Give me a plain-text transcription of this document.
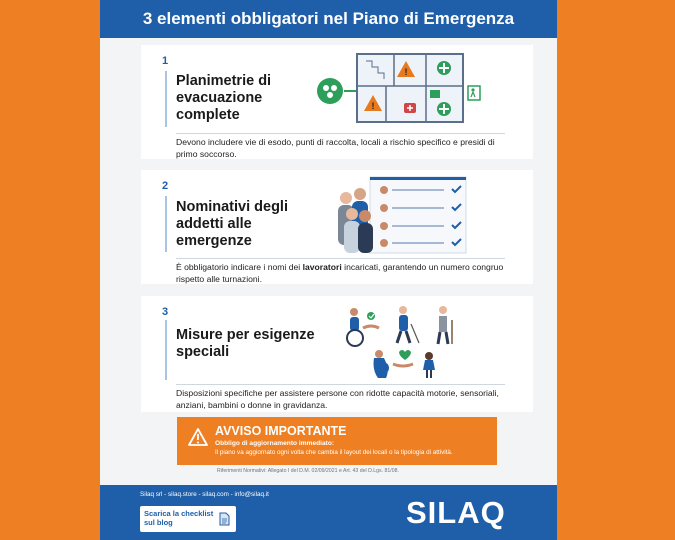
3 elementi obbligatori nel Piano di Emergenza
1
Planimetrie di evacuazione complete
Devono includere vie di esodo, punti di raccolta, locali a rischio specifico e presidi di primo soccorso.
!
!
2
Nominativi degli addetti alle emergenze
È obbligatorio indicare i nomi dei lavoratori incaricati, garantendo un numero congruo rispetto alle turnazioni.
3
Misure per esigenze speciali
Disposizioni specifiche per assistere persone con ridotte capacità motorie, sensoriali, anziani, bambini o donne in gravidanza.
AVVISO IMPORTANTE
Obbligo di aggiornamento immediato:
Il piano va aggiornato ogni volta che cambia il layout dei locali o la tipologia di attività.
Riferimenti Normativi: Allegato I del D.M. 02/09/2021 e Art. 43 del D.Lgs. 81/08.
Silaq srl - silaq.store - silaq.com - info@silaq.it
Scarica la checklist sul blog	SILAQ
